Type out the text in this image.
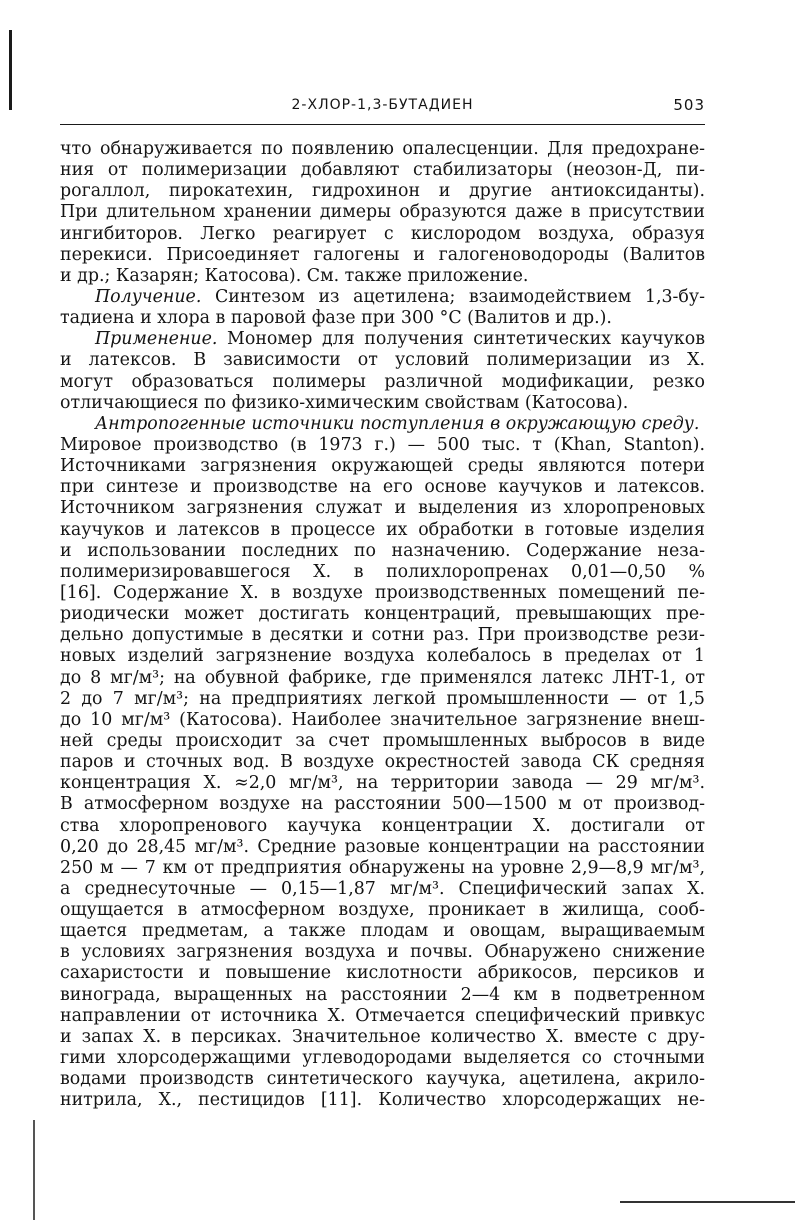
2-ХЛОР-1,3-БУТАДИЕН	503
что обнаруживается по появлению опалесценции. Для предохране-
ния от полимеризации добавляют стабилизаторы (неозон-Д, пи-
рогаллол, пирокатехин, гидрохинон и другие антиоксиданты).
При длительном хранении димеры образуются даже в присутствии
ингибиторов. Легко реагирует с кислородом воздуха, образуя
перекиси. Присоединяет галогены и галогеноводороды (Валитов
и др.; Казарян; Катосова). См. также приложение.
Получение. Синтезом из ацетилена; взаимодействием 1,3-бу-
тадиена и хлора в паровой фазе при 300 °C (Валитов и др.).
Применение. Мономер для получения синтетических каучуков
и латексов. В зависимости от условий полимеризации из X.
могут образоваться полимеры различной модификации, резко
отличающиеся по физико-химическим свойствам (Катосова).
Антропогенные источники поступления в окружающую среду.
Мировое производство (в 1973 г.) — 500 тыс. т (Khan, Stanton).
Источниками загрязнения окружающей среды являются потери
при синтезе и производстве на его основе каучуков и латексов.
Источником загрязнения служат и выделения из хлоропреновых
каучуков и латексов в процессе их обработки в готовые изделия
и использовании последних по назначению. Содержание неза-
полимеризировавшегося X. в полихлоропренах 0,01—0,50 %
[16]. Содержание X. в воздухе производственных помещений пе-
риодически может достигать концентраций, превышающих пре-
дельно допустимые в десятки и сотни раз. При производстве рези-
новых изделий загрязнение воздуха колебалось в пределах от 1
до 8 мг/м³; на обувной фабрике, где применялся латекс ЛНТ-1, от
2 до 7 мг/м³; на предприятиях легкой промышленности — от 1,5
до 10 мг/м³ (Катосова). Наиболее значительное загрязнение внеш-
ней среды происходит за счет промышленных выбросов в виде
паров и сточных вод. В воздухе окрестностей завода СК средняя
концентрация X. ≈2,0 мг/м³, на территории завода — 29 мг/м³.
В атмосферном воздухе на расстоянии 500—1500 м от производ-
ства хлоропренового каучука концентрации X. достигали от
0,20 до 28,45 мг/м³. Средние разовые концентрации на расстоянии
250 м — 7 км от предприятия обнаружены на уровне 2,9—8,9 мг/м³,
а среднесуточные — 0,15—1,87 мг/м³. Специфический запах X.
ощущается в атмосферном воздухе, проникает в жилища, сооб-
щается предметам, а также плодам и овощам, выращиваемым
в условиях загрязнения воздуха и почвы. Обнаружено снижение
сахаристости и повышение кислотности абрикосов, персиков и
винограда, выращенных на расстоянии 2—4 км в подветренном
направлении от источника X. Отмечается специфический привкус
и запах X. в персиках. Значительное количество X. вместе с дру-
гими хлорсодержащими углеводородами выделяется со сточными
водами производств синтетического каучука, ацетилена, акрило-
нитрила, X., пестицидов [11]. Количество хлорсодержащих не-
